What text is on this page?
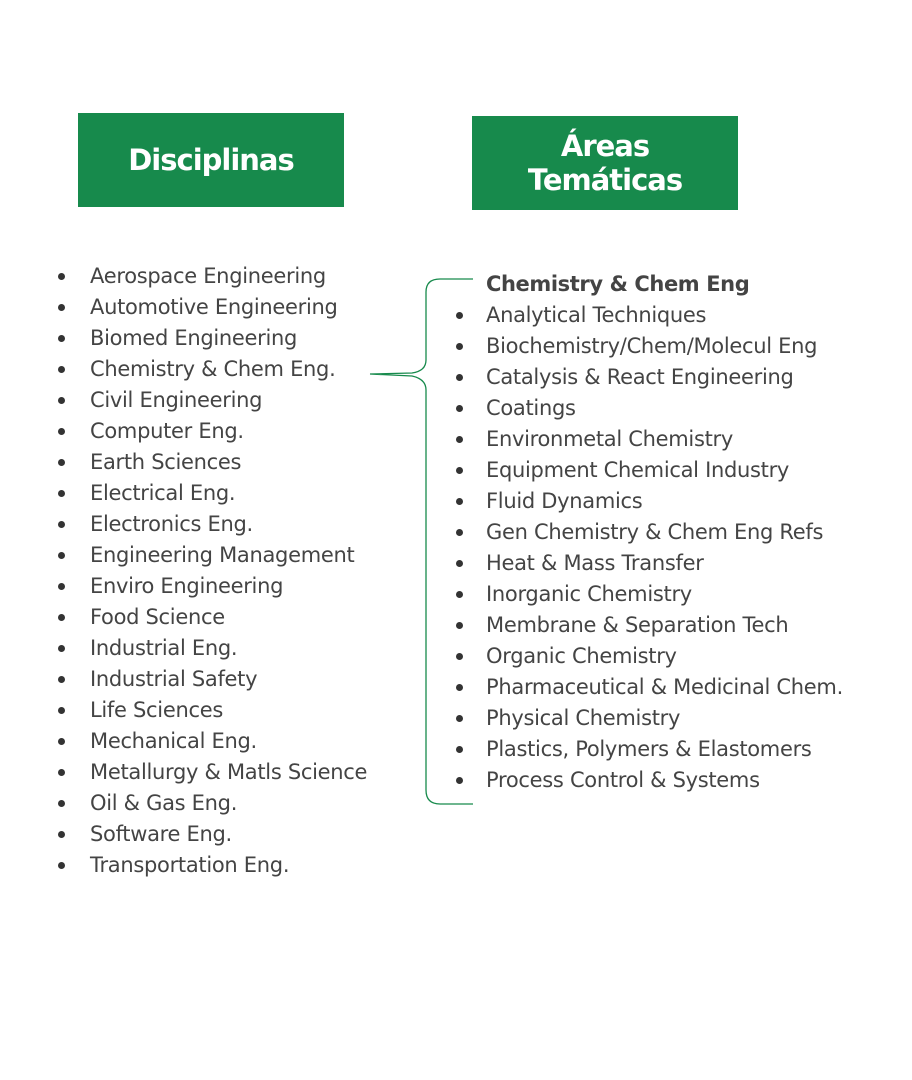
Disciplinas	Áreas
Temáticas
Aerospace Engineering
Automotive Engineering
Biomed Engineering
Chemistry & Chem Eng.
Civil Engineering
Computer Eng.
Earth Sciences
Electrical Eng.
Electronics Eng.
Engineering Management
Enviro Engineering
Food Science
Industrial Eng.
Industrial Safety
Life Sciences
Mechanical Eng.
Metallurgy & Matls Science
Oil & Gas Eng.
Software Eng.
Transportation Eng.
Chemistry & Chem Eng
Analytical Techniques
Biochemistry/Chem/Molecul Eng
Catalysis & React Engineering
Coatings
Environmetal Chemistry
Equipment Chemical Industry
Fluid Dynamics
Gen Chemistry & Chem Eng Refs
Heat & Mass Transfer
Inorganic Chemistry
Membrane & Separation Tech
Organic Chemistry
Pharmaceutical & Medicinal Chem.
Physical Chemistry
Plastics, Polymers & Elastomers
Process Control & Systems
